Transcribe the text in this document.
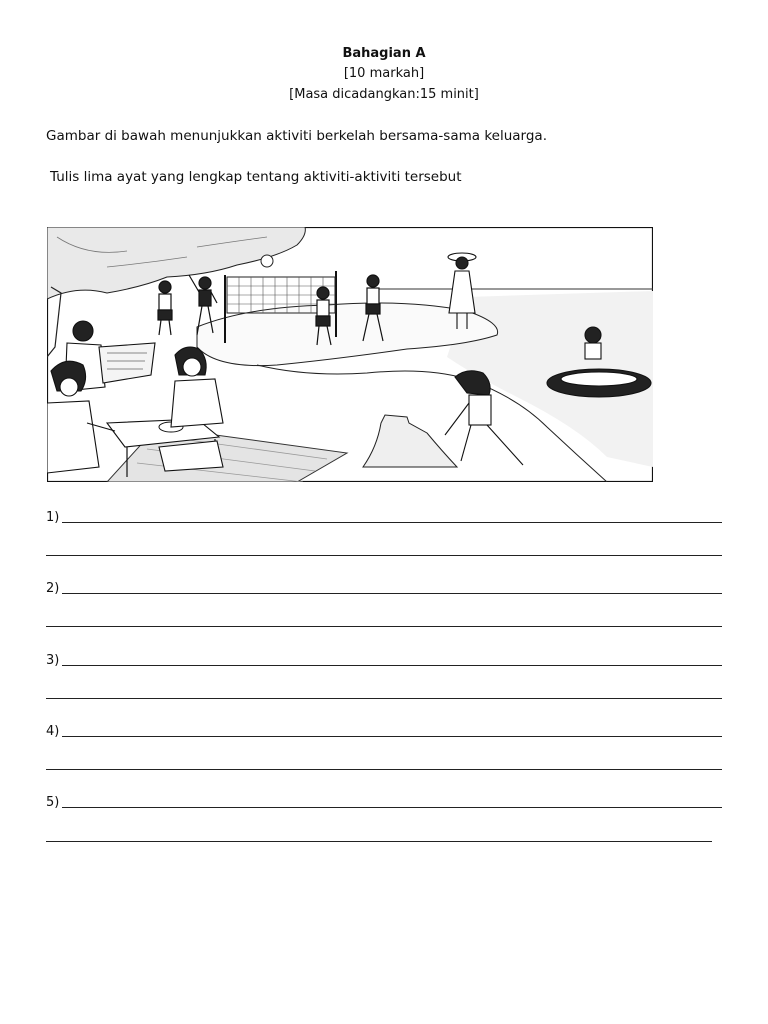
Bahagian A
[10 markah]
[Masa dicadangkan:15 minit]
Gambar di bawah menunjukkan aktiviti berkelah bersama-sama keluarga.
Tulis lima ayat yang lengkap tentang aktiviti-aktiviti tersebut
1)
2)
3)
4)
5)
